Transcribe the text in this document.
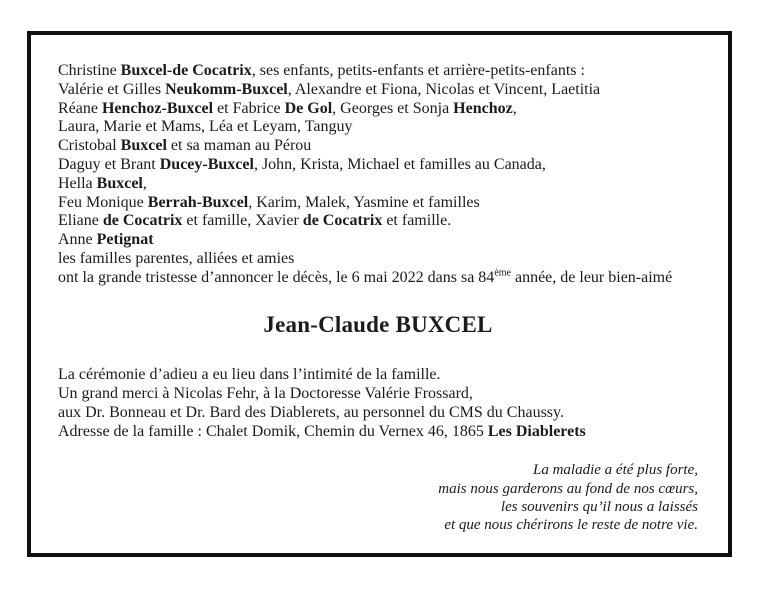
Christine Buxcel-de Cocatrix, ses enfants, petits-enfants et arrière-petits-enfants :
Valérie et Gilles Neukomm-Buxcel, Alexandre et Fiona, Nicolas et Vincent, Laetitia
Réane Henchoz-Buxcel et Fabrice De Gol, Georges et Sonja Henchoz,
Laura, Marie et Mams, Léa et Leyam, Tanguy
Cristobal Buxcel et sa maman au Pérou
Daguy et Brant Ducey-Buxcel, John, Krista, Michael et familles au Canada,
Hella Buxcel,
Feu Monique Berrah-Buxcel, Karim, Malek, Yasmine et familles
Eliane de Cocatrix et famille, Xavier de Cocatrix et famille.
Anne Petignat
les familles parentes, alliées et amies
ont la grande tristesse d’annoncer le décès, le 6 mai 2022 dans sa 84ème année, de leur bien-aimé
Jean-Claude BUXCEL
La cérémonie d’adieu a eu lieu dans l’intimité de la famille.
Un grand merci à Nicolas Fehr, à la Doctoresse Valérie Frossard,
aux Dr. Bonneau et Dr. Bard des Diablerets, au personnel du CMS du Chaussy.
Adresse de la famille : Chalet Domik, Chemin du Vernex 46, 1865 Les Diablerets
La maladie a été plus forte,
mais nous garderons au fond de nos cœurs,
les souvenirs qu’il nous a laissés
et que nous chérirons le reste de notre vie.
